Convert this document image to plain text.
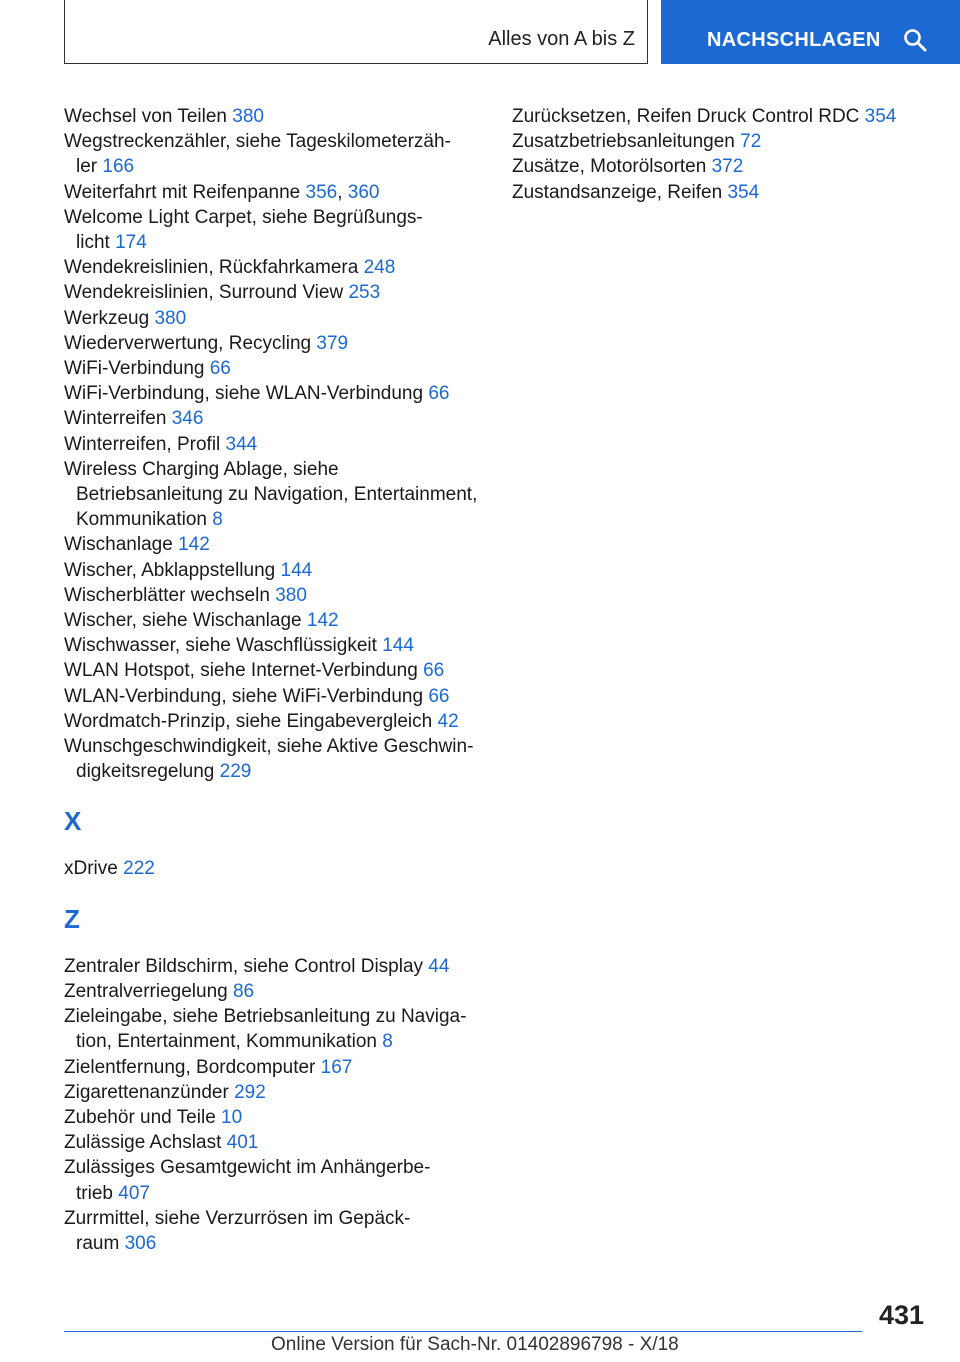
Alles von A bis Z	NACHSCHLAGEN
Wechsel von Teilen 380
Wegstreckenzähler, siehe Tageskilometerzäh-
ler 166
Weiterfahrt mit Reifenpanne 356, 360
Welcome Light Carpet, siehe Begrüßungs-
licht 174
Wendekreislinien, Rückfahrkamera 248
Wendekreislinien, Surround View 253
Werkzeug 380
Wiederverwertung, Recycling 379
WiFi-Verbindung 66
WiFi-Verbindung, siehe WLAN-Verbindung 66
Winterreifen 346
Winterreifen, Profil 344
Wireless Charging Ablage, siehe
Betriebsanleitung zu Navigation, Entertainment,
Kommunikation 8
Wischanlage 142
Wischer, Abklappstellung 144
Wischerblätter wechseln 380
Wischer, siehe Wischanlage 142
Wischwasser, siehe Waschflüssigkeit 144
WLAN Hotspot, siehe Internet-Verbindung 66
WLAN-Verbindung, siehe WiFi-Verbindung 66
Wordmatch-Prinzip, siehe Eingabevergleich 42
Wunschgeschwindigkeit, siehe Aktive Geschwin-
digkeitsregelung 229
X
xDrive 222
Z
Zentraler Bildschirm, siehe Control Display 44
Zentralverriegelung 86
Zieleingabe, siehe Betriebsanleitung zu Naviga-
tion, Entertainment, Kommunikation 8
Zielentfernung, Bordcomputer 167
Zigarettenanzünder 292
Zubehör und Teile 10
Zulässige Achslast 401
Zulässiges Gesamtgewicht im Anhängerbe-
trieb 407
Zurrmittel, siehe Verzurrösen im Gepäck-
raum 306
Zurücksetzen, Reifen Druck Control RDC 354
Zusatzbetriebsanleitungen 72
Zusätze, Motorölsorten 372
Zustandsanzeige, Reifen 354
431
Online Version für Sach-Nr. 01402896798 - X/18
